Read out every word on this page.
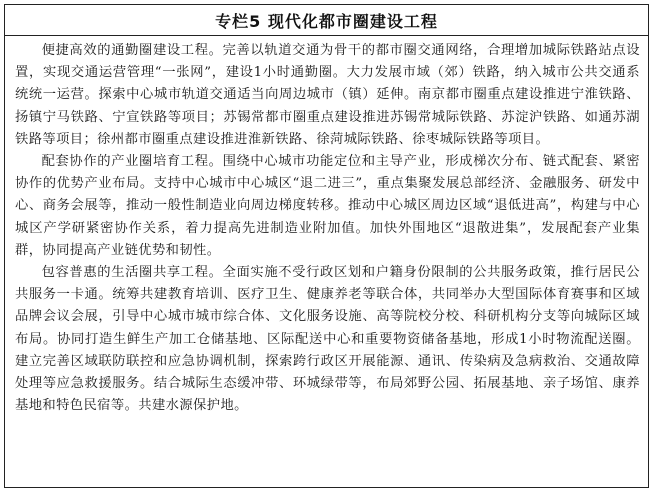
专栏5 现代化都市圈建设工程

便捷高效的通勤圈建设工程。完善以轨道交通为骨干的都市圈交通网络，合理增加城际铁路站点设置，实现交通运营管理“一张网”，建设1小时通勤圈。大力发展市域（郊）铁路，纳入城市公共交通系统统一运营。探索中心城市轨道交通适当向周边城市（镇）延伸。南京都市圈重点建设推进宁淮铁路、扬镇宁马铁路、宁宣铁路等项目；苏锡常都市圈重点建设推进苏锡常城际铁路、苏淀沪铁路、如通苏湖铁路等项目；徐州都市圈重点建设推进淮新铁路、徐菏城际铁路、徐枣城际铁路等项目。

配套协作的产业圈培育工程。围绕中心城市功能定位和主导产业，形成梯次分布、链式配套、紧密协作的优势产业布局。支持中心城市中心城区“退二进三”，重点集聚发展总部经济、金融服务、研发中心、商务会展等，推动一般性制造业向周边梯度转移。推动中心城区周边区域“退低进高”，构建与中心城区产学研紧密协作关系，着力提高先进制造业附加值。加快外围地区“退散进集”，发展配套产业集群，协同提高产业链优势和韧性。

包容普惠的生活圈共享工程。全面实施不受行政区划和户籍身份限制的公共服务政策，推行居民公共服务一卡通。统筹共建教育培训、医疗卫生、健康养老等联合体，共同举办大型国际体育赛事和区域品牌会议会展，引导中心城市城市综合体、文化服务设施、高等院校分校、科研机构分支等向城际区域布局。协同打造生鲜生产加工仓储基地、区际配送中心和重要物资储备基地，形成1小时物流配送圈。建立完善区域联防联控和应急协调机制，探索跨行政区开展能源、通讯、传染病及急病救治、交通故障处理等应急救援服务。结合城际生态缓冲带、环城绿带等，布局郊野公园、拓展基地、亲子场馆、康养基地和特色民宿等。共建水源保护地。
